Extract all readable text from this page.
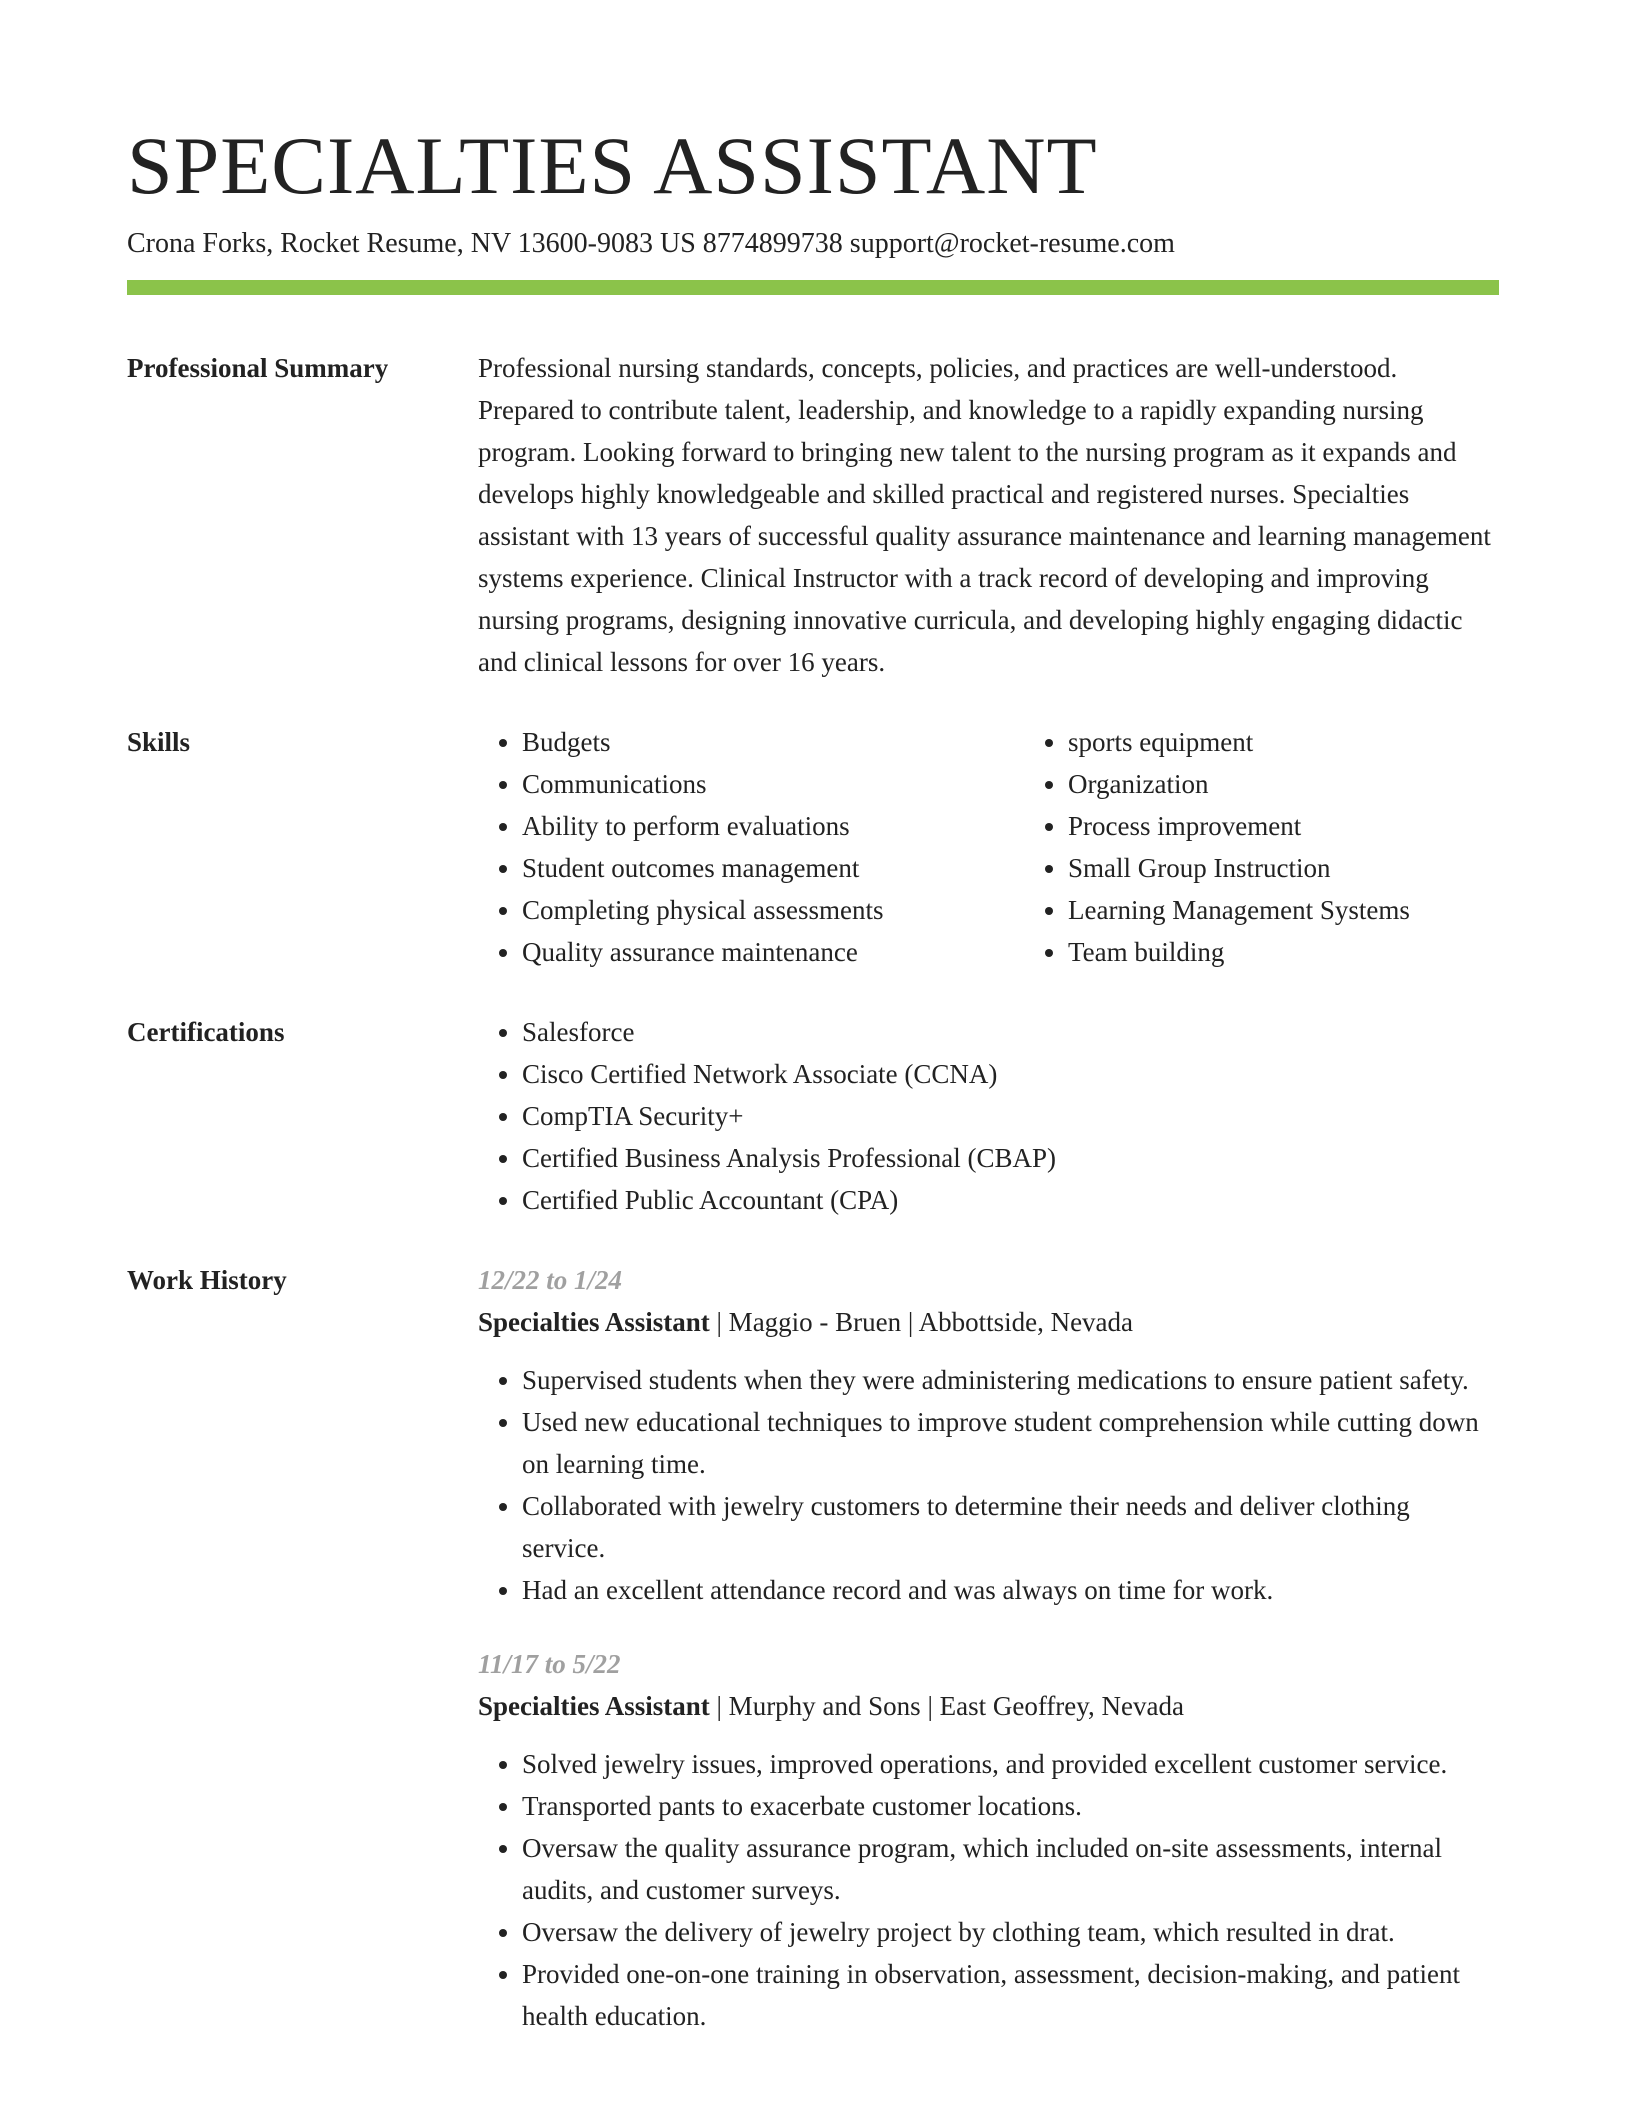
SPECIALTIES ASSISTANT
Crona Forks, Rocket Resume, NV 13600-9083 US 8774899738 support@rocket-resume.com
Professional Summary	Professional nursing standards, concepts, policies, and practices are well-understood. Prepared to contribute talent, leadership, and knowledge to a rapidly expanding nursing program. Looking forward to bringing new talent to the nursing program as it expands and develops highly knowledgeable and skilled practical and registered nurses. Specialties assistant with 13 years of successful quality assurance maintenance and learning management systems experience. Clinical Instructor with a track record of developing and improving nursing programs, designing innovative curricula, and developing highly engaging didactic and clinical lessons for over 16 years.

Skills	• Budgets
• Communications
• Ability to perform evaluations
• Student outcomes management
• Completing physical assessments
• Quality assurance maintenance
• sports equipment
• Organization
• Process improvement
• Small Group Instruction
• Learning Management Systems
• Team building
Certifications	• Salesforce
• Cisco Certified Network Associate (CCNA)
• CompTIA Security+
• Certified Business Analysis Professional (CBAP)
• Certified Public Accountant (CPA)
Work History	12/22 to 1/24
Specialties Assistant | Maggio - Bruen | Abbottside, Nevada
• Supervised students when they were administering medications to ensure patient safety.
• Used new educational techniques to improve student comprehension while cutting down on learning time.
• Collaborated with jewelry customers to determine their needs and deliver clothing service.
• Had an excellent attendance record and was always on time for work.
11/17 to 5/22
Specialties Assistant | Murphy and Sons | East Geoffrey, Nevada
• Solved jewelry issues, improved operations, and provided excellent customer service.
• Transported pants to exacerbate customer locations.
• Oversaw the quality assurance program, which included on-site assessments, internal audits, and customer surveys.
• Oversaw the delivery of jewelry project by clothing team, which resulted in drat.
• Provided one-on-one training in observation, assessment, decision-making, and patient health education.
